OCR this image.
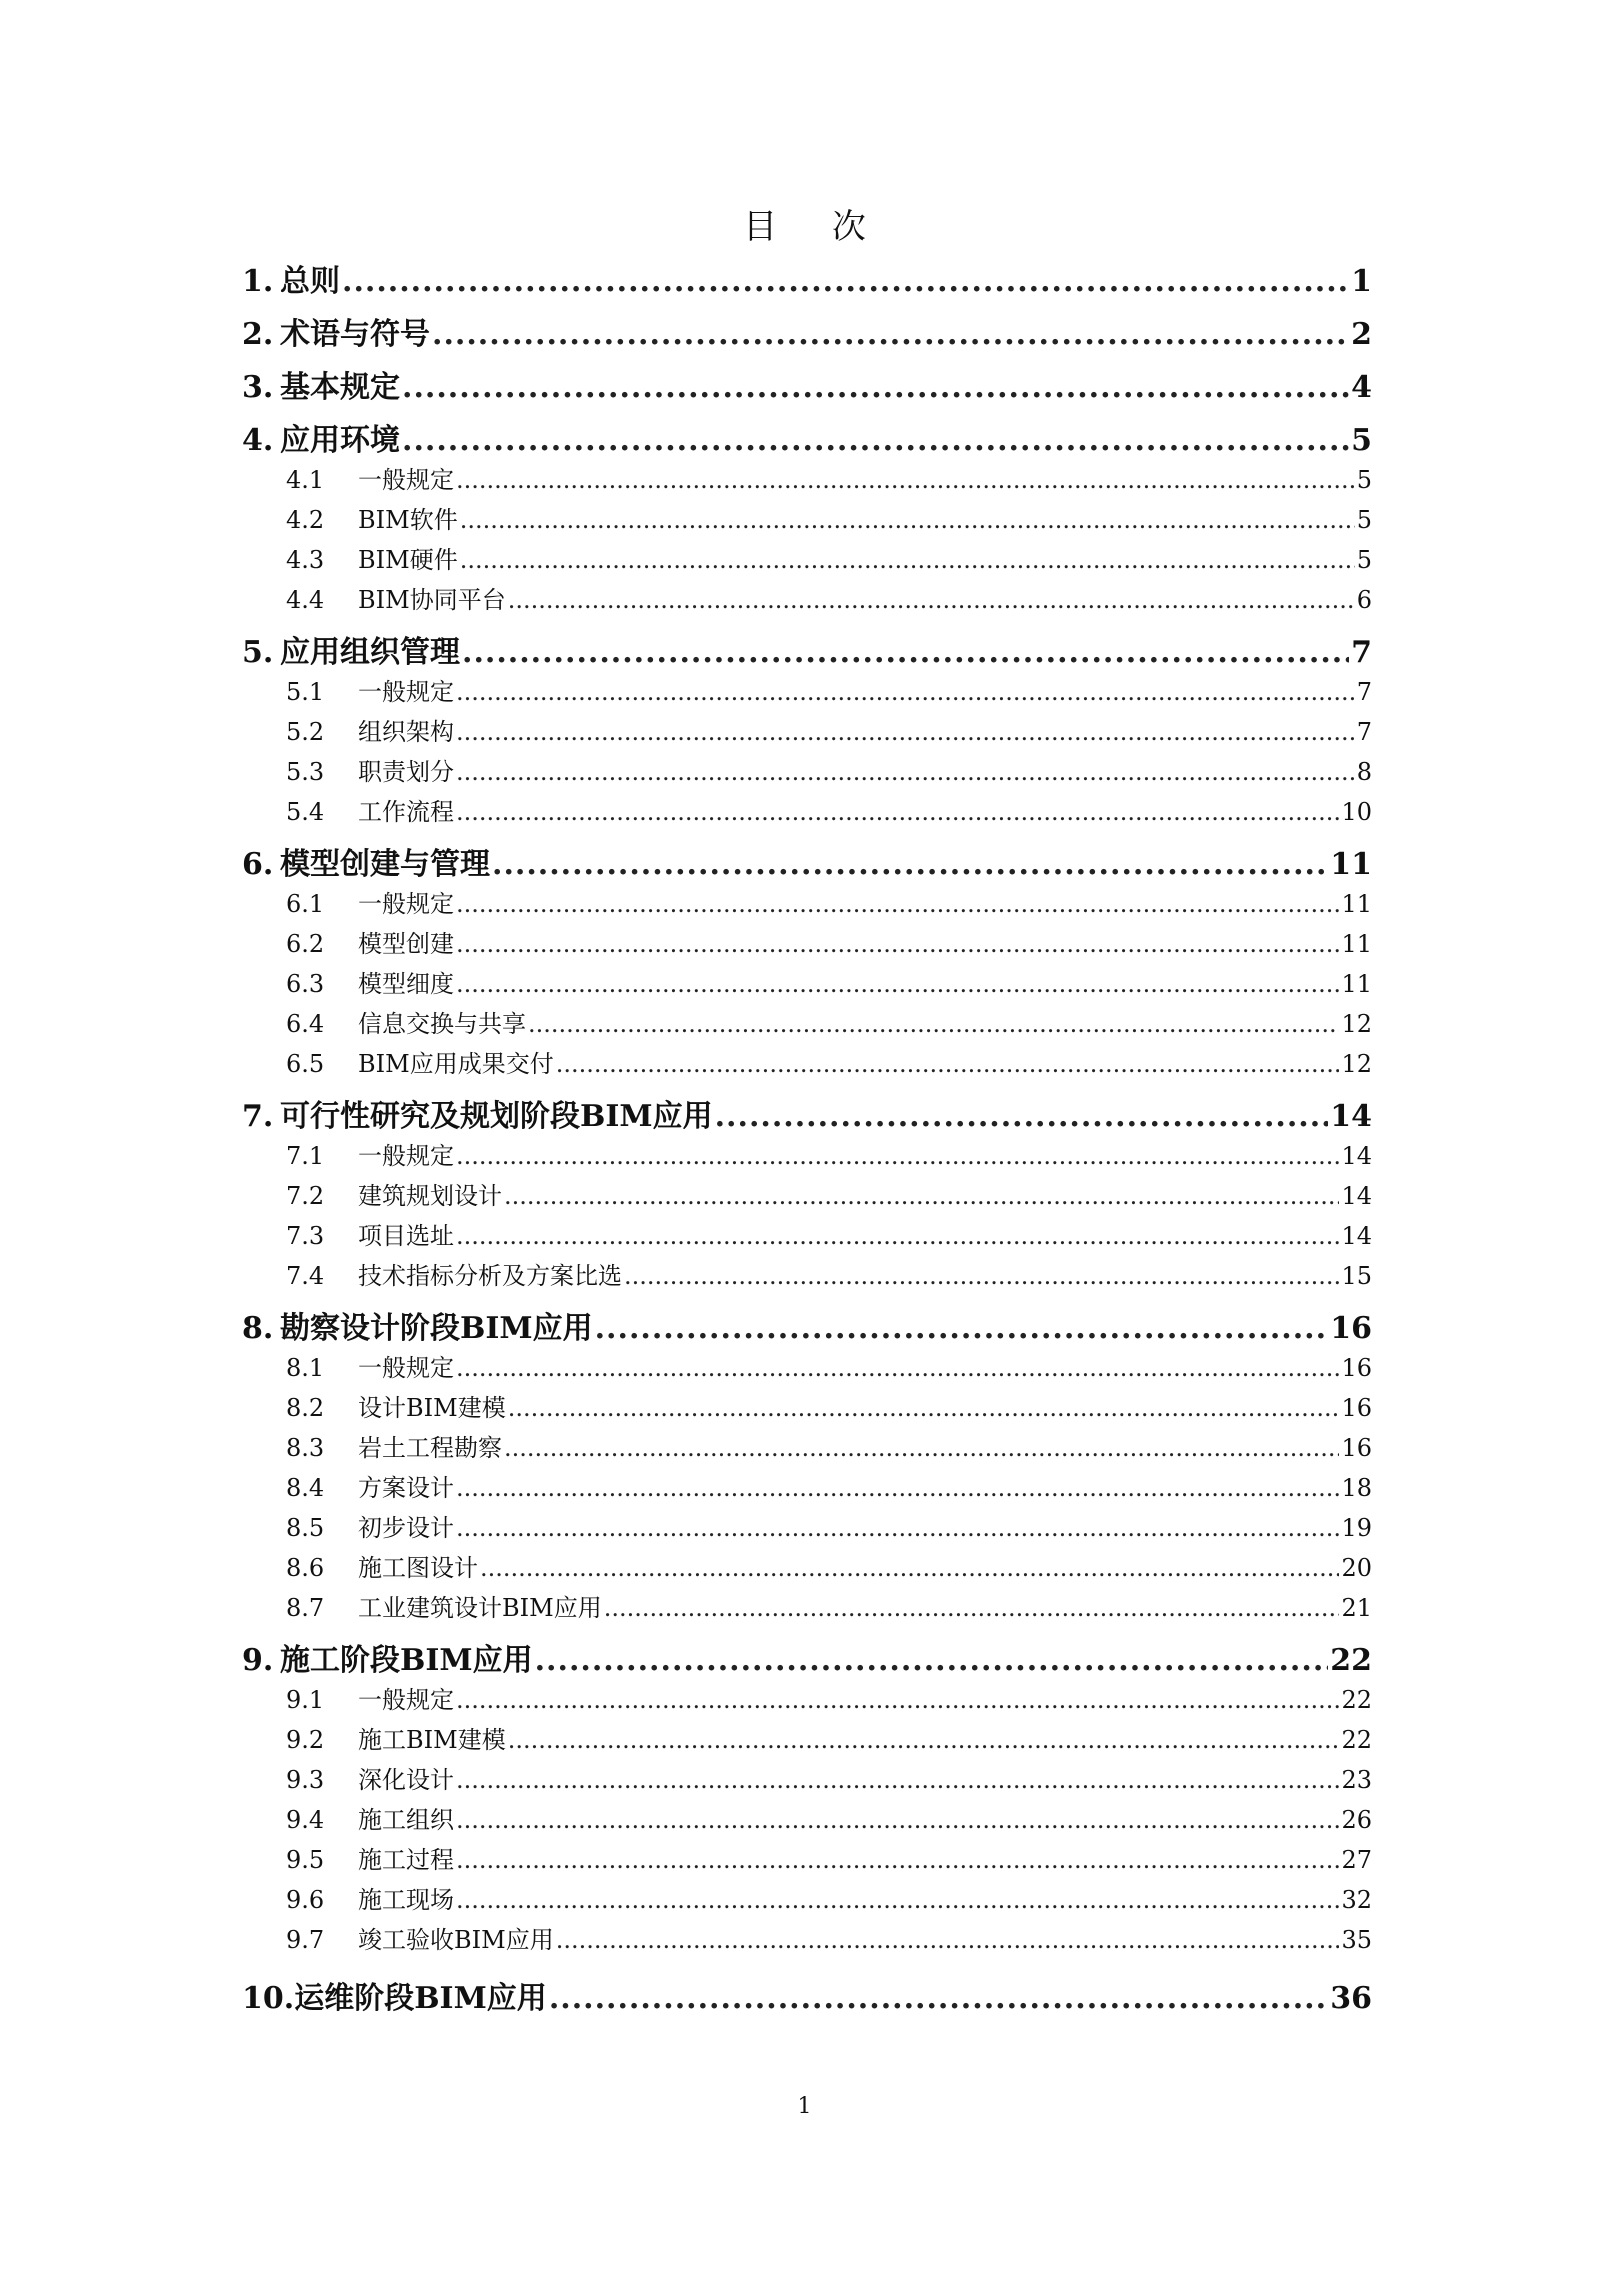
目 次
1. 总则 .....	1
2. 术语与符号 .....	2
3. 基本规定 .....	4
4. 应用环境 .....	5
4.1	一般规定 .....	5
4.2	BIM软件 .....	5
4.3	BIM硬件 .....	5
4.4	BIM协同平台 .....	6
5. 应用组织管理 .....	7
5.1	一般规定 .....	7
5.2	组织架构 .....	7
5.3	职责划分 .....	8
5.4	工作流程 .....	10
6. 模型创建与管理 .....	11
6.1	一般规定 .....	11
6.2	模型创建 .....	11
6.3	模型细度 .....	11
6.4	信息交换与共享 .....	12
6.5	BIM应用成果交付 .....	12
7. 可行性研究及规划阶段BIM应用 .....	14
7.1	一般规定 .....	14
7.2	建筑规划设计 .....	14
7.3	项目选址 .....	14
7.4	技术指标分析及方案比选 .....	15
8. 勘察设计阶段BIM应用 .....	16
8.1	一般规定 .....	16
8.2	设计BIM建模 .....	16
8.3	岩土工程勘察 .....	16
8.4	方案设计 .....	18
8.5	初步设计 .....	19
8.6	施工图设计 .....	20
8.7	工业建筑设计BIM应用 .....	21
9. 施工阶段BIM应用 .....	22
9.1	一般规定 .....	22
9.2	施工BIM建模 .....	22
9.3	深化设计 .....	23
9.4	施工组织 .....	26
9.5	施工过程 .....	27
9.6	施工现场 .....	32
9.7	竣工验收BIM应用 .....	35
10. 运维阶段BIM应用 .....	36
1
